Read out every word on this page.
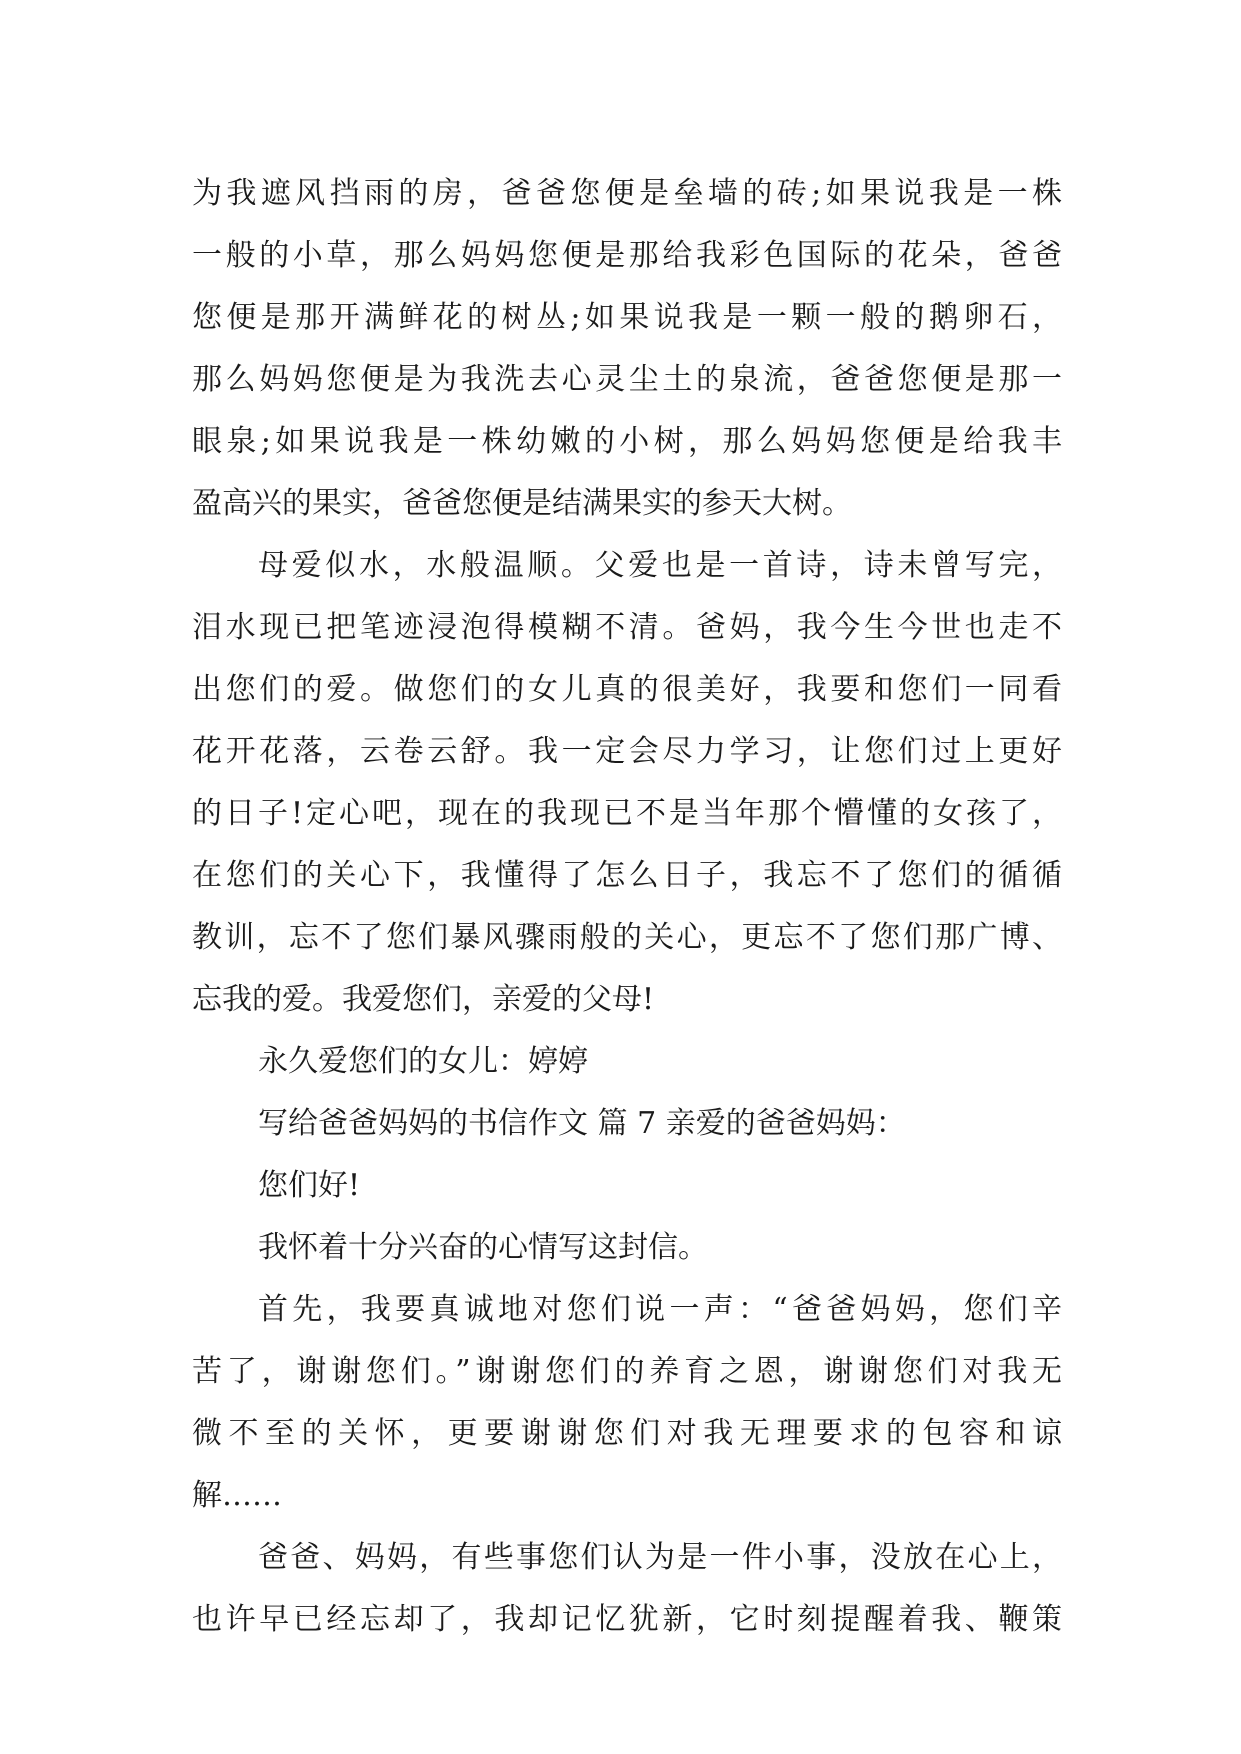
为我遮风挡雨的房，爸爸您便是垒墙的砖;如果说我是一株
一般的小草，那么妈妈您便是那给我彩色国际的花朵，爸爸
您便是那开满鲜花的树丛;如果说我是一颗一般的鹅卵石，
那么妈妈您便是为我洗去心灵尘土的泉流，爸爸您便是那一
眼泉;如果说我是一株幼嫩的小树，那么妈妈您便是给我丰
盈高兴的果实，爸爸您便是结满果实的参天大树。
母爱似水，水般温顺。父爱也是一首诗，诗未曾写完，
泪水现已把笔迹浸泡得模糊不清。爸妈，我今生今世也走不
出您们的爱。做您们的女儿真的很美好，我要和您们一同看
花开花落，云卷云舒。我一定会尽力学习，让您们过上更好
的日子!定心吧，现在的我现已不是当年那个懵懂的女孩了，
在您们的关心下，我懂得了怎么日子，我忘不了您们的循循
教训，忘不了您们暴风骤雨般的关心，更忘不了您们那广博、
忘我的爱。我爱您们，亲爱的父母!
永久爱您们的女儿：婷婷
写给爸爸妈妈的书信作文 篇 7 亲爱的爸爸妈妈：
您们好!
我怀着十分兴奋的心情写这封信。
首先，我要真诚地对您们说一声：“爸爸妈妈，您们辛
苦了，谢谢您们。”谢谢您们的养育之恩，谢谢您们对我无
微不至的关怀，更要谢谢您们对我无理要求的包容和谅
解……
爸爸、妈妈，有些事您们认为是一件小事，没放在心上，
也许早已经忘却了，我却记忆犹新，它时刻提醒着我、鞭策
